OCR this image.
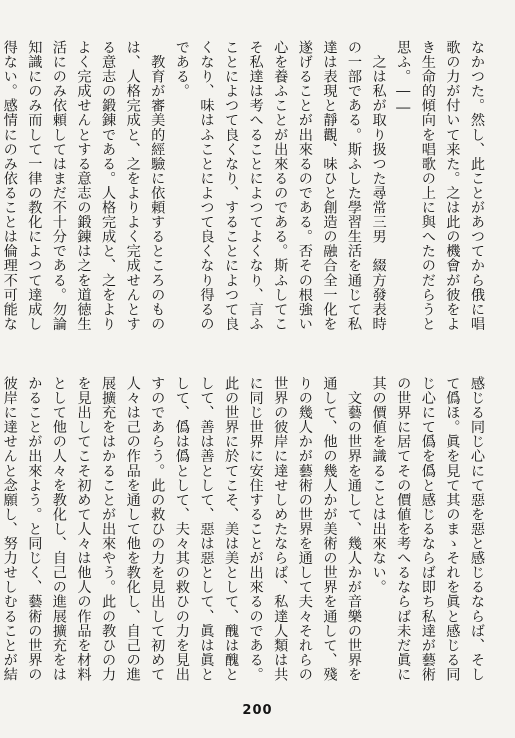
なかつた。然し、此ことがあつてから俄に唱歌の力が付いて来た。之は此の機會が彼をよき生命的傾向を唱歌の上に與へたのだらうと思ふ。――
　之は私が取り扱つた尋常三男　綴方發表時の一部である。斯ふした學習生活を通じて私達は表現と靜觀、味ひと創造の融合全一化を遂げることが出來るのである。否その根強い心を養ふことが出來るのである。斯ふしてこそ私達は考へることによつてよくなり、言ふことによつて良くなり、することによつて良くなり、味はふことによつて良くなり得るのである。
　教育が審美的經驗に依頼するところのものは、人格完成と、之をよりよく完成せんとする意志の鍛錬である。人格完成と、之をよりよく完成せんとする意志の鍛錬は之を道徳生活にのみ依頼してはまだ不十分である。勿論知識にのみ而して一律の教化によつて達成し得ない。感情にのみ依ることは倫理不可能な

感じる同じ心にて惡を惡と感じるならば、そして僞ほ。眞を見て其のまゝそれを眞と感じる同じ心にて僞を僞と感じるならば即ち私達が藝術の世界に居てその價値を考へるならば未だ眞に其の價値を識ることは出來ない。
　文藝の世界を通して、幾人かが音樂の世界を通して、他の幾人かが美術の世界を通して、殘りの幾人かが藝術の世界を通して夫々それらの世界の彼岸に達せしめたならば、私達人類は共に同じ世界に安住することが出來るのである。此の世界に於てこそ、美は美として、醜は醜として、善は善として、惡は惡として、眞は眞として、僞は僞として、夫々其の救ひの力を見出すのであらう。此の救ひの力を見出して初めて人々は己の作品を通して他を教化し、自己の進展擴充をはかることが出來やう。此の教ひの力を見出してこそ初めて人々は他人の作品を材料として他の人々を教化し、自己の進展擴充をはかることが出來よう。と同じく、藝術の世界の彼岸に達せんと念願し、努力せしむることが結

200
